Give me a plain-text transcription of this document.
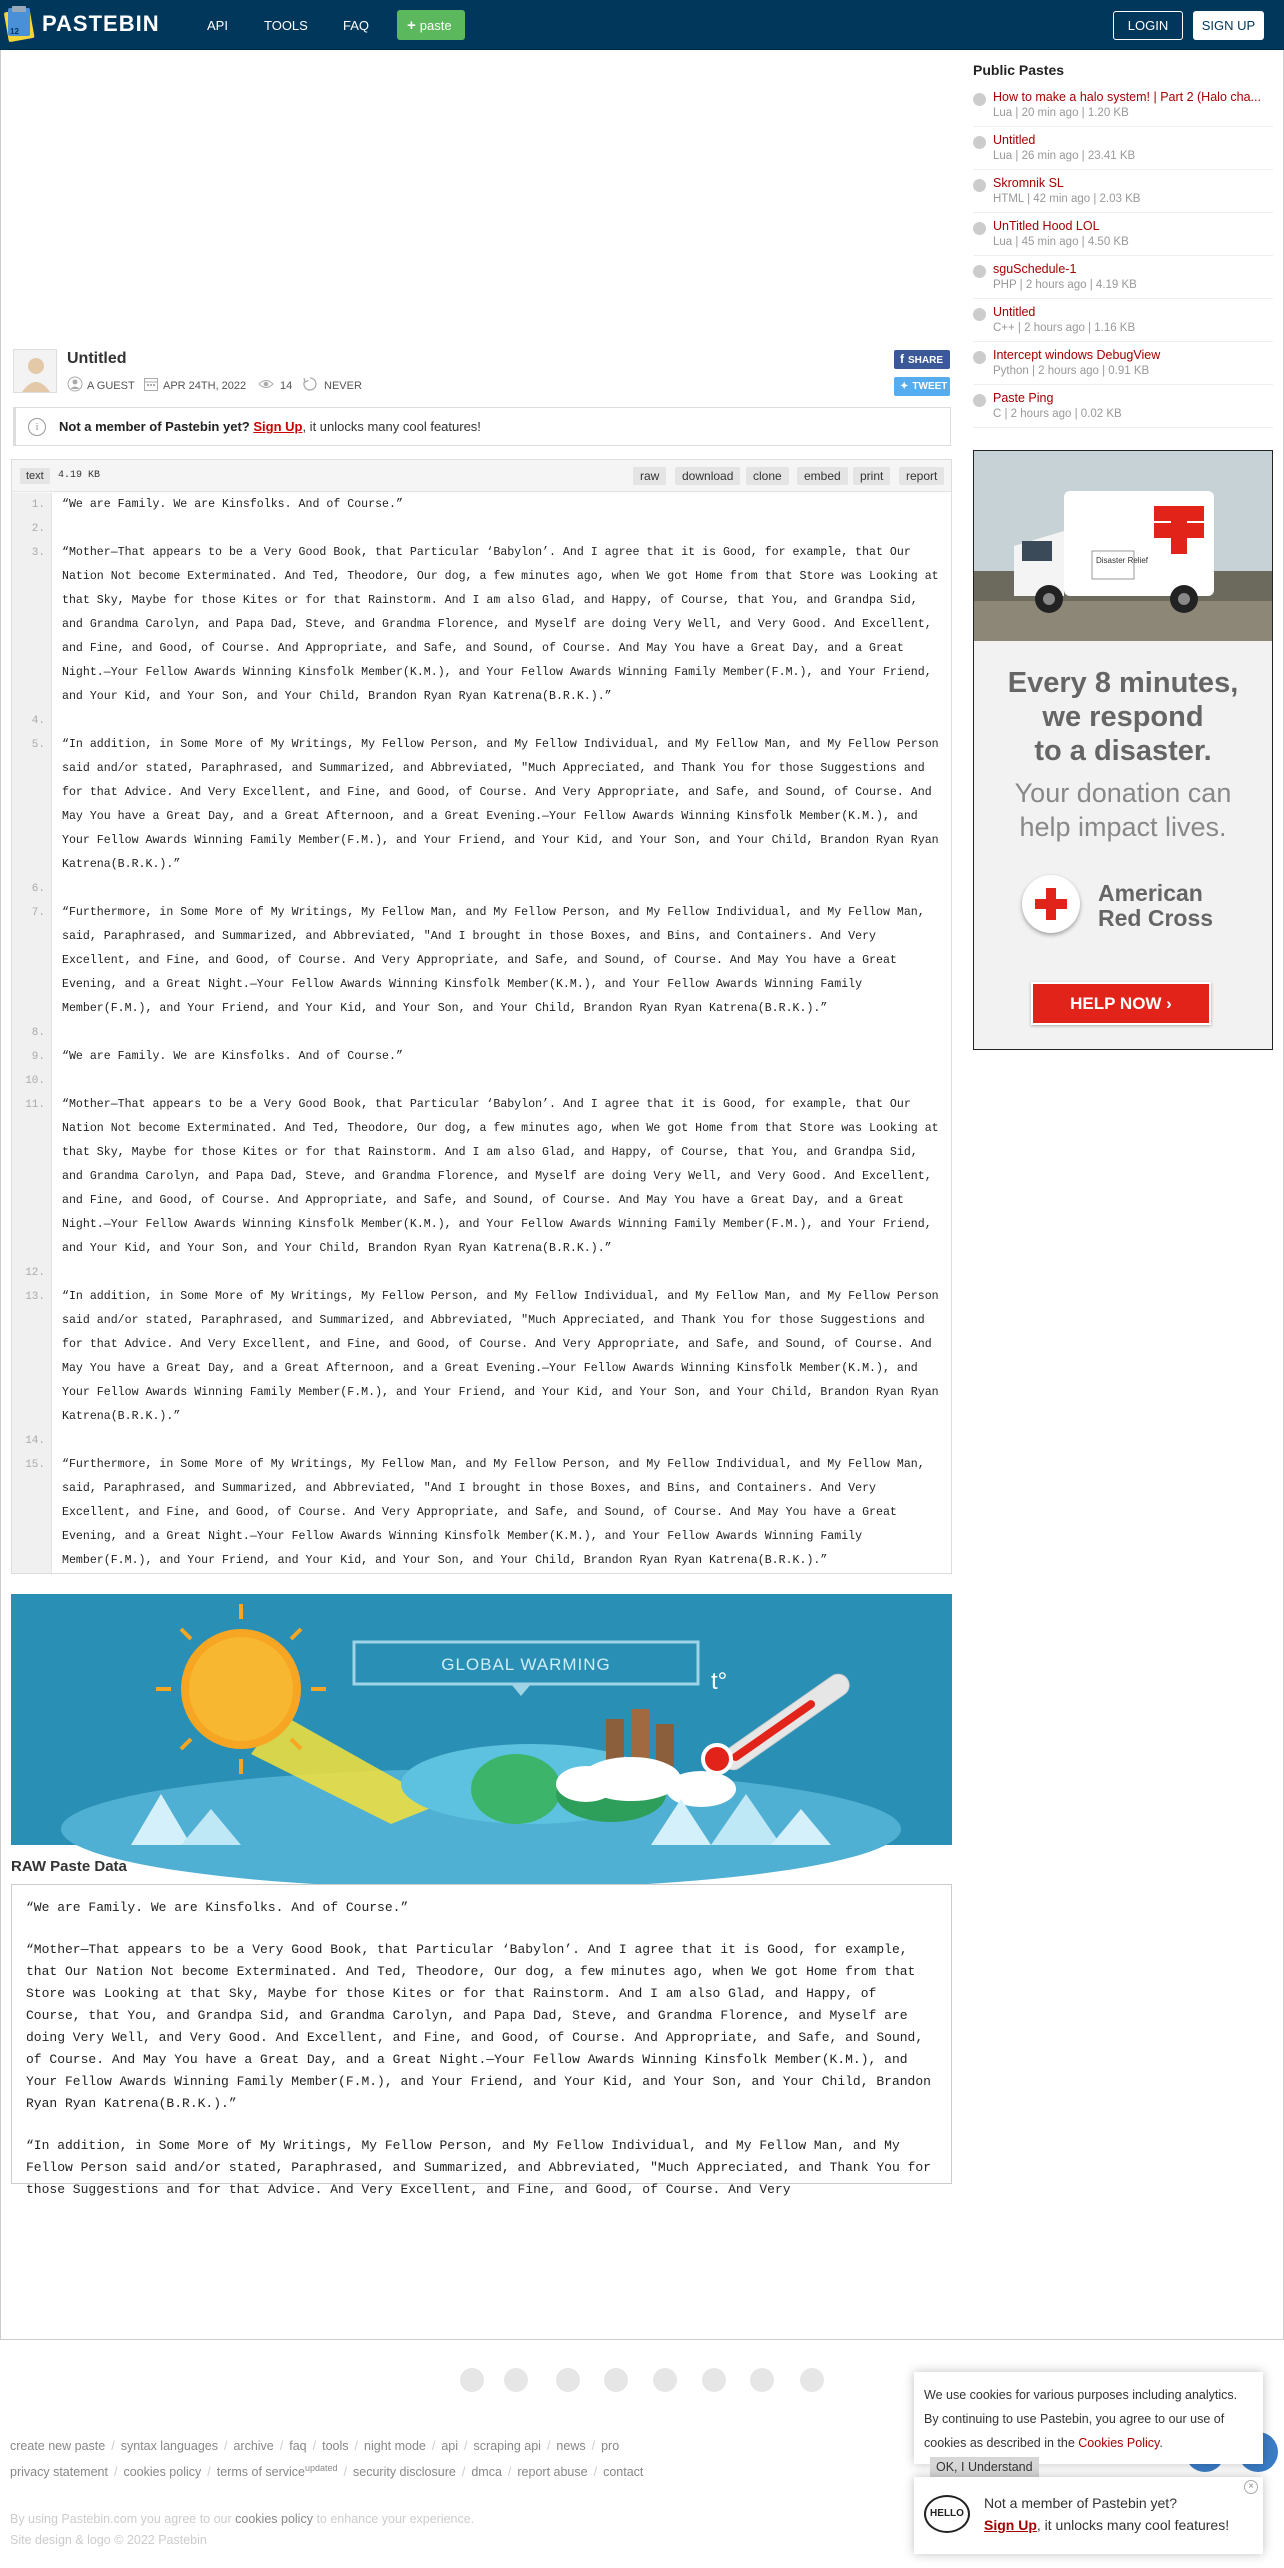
12 PASTEBIN	API	TOOLS	FAQ	+ paste	LOGIN	SIGN UP
Untitled
A GUEST	APR 24TH, 2022	14	NEVER
f SHARE
✦ TWEET
i	Not a member of Pastebin yet? Sign Up, it unlocks many cool features!
text	4.19 KB	raw	download	clone	embed	print	report
1.	“We are Family. We are Kinsfolks. And of Course.”
2.

3.	“Mother—That appears to be a Very Good Book, that Particular ‘Babylon’. And I agree that it is Good, for example, that Our Nation Not become Exterminated. And Ted, Theodore, Our dog, a few minutes ago, when We got Home from that Store was Looking at that Sky, Maybe for those Kites or for that Rainstorm. And I am also Glad, and Happy, of Course, that You, and Grandpa Sid, and Grandma Carolyn, and Papa Dad, Steve, and Grandma Florence, and Myself are doing Very Well, and Very Good. And Excellent, and Fine, and Good, of Course. And Appropriate, and Safe, and Sound, of Course. And May You have a Great Day, and a Great Night.—Your Fellow Awards Winning Kinsfolk Member(K.M.), and Your Fellow Awards Winning Family Member(F.M.), and Your Friend, and Your Kid, and Your Son, and Your Child, Brandon Ryan Ryan Katrena(B.R.K.).”
4.

5.	“In addition, in Some More of My Writings, My Fellow Person, and My Fellow Individual, and My Fellow Man, and My Fellow Person said and/or stated, Paraphrased, and Summarized, and Abbreviated, "Much Appreciated, and Thank You for those Suggestions and for that Advice. And Very Excellent, and Fine, and Good, of Course. And Very Appropriate, and Safe, and Sound, of Course. And May You have a Great Day, and a Great Afternoon, and a Great Evening.—Your Fellow Awards Winning Kinsfolk Member(K.M.), and Your Fellow Awards Winning Family Member(F.M.), and Your Friend, and Your Kid, and Your Son, and Your Child, Brandon Ryan Ryan Katrena(B.R.K.).”
6.

7.	“Furthermore, in Some More of My Writings, My Fellow Man, and My Fellow Person, and My Fellow Individual, and My Fellow Man, said, Paraphrased, and Summarized, and Abbreviated, "And I brought in those Boxes, and Bins, and Containers. And Very Excellent, and Fine, and Good, of Course. And Very Appropriate, and Safe, and Sound, of Course. And May You have a Great Evening, and a Great Night.—Your Fellow Awards Winning Kinsfolk Member(K.M.), and Your Fellow Awards Winning Family Member(F.M.), and Your Friend, and Your Kid, and Your Son, and Your Child, Brandon Ryan Ryan Katrena(B.R.K.).”
8.

9.	“We are Family. We are Kinsfolks. And of Course.”
10.

11.	“Mother—That appears to be a Very Good Book, that Particular ‘Babylon’. And I agree that it is Good, for example, that Our Nation Not become Exterminated. And Ted, Theodore, Our dog, a few minutes ago, when We got Home from that Store was Looking at that Sky, Maybe for those Kites or for that Rainstorm. And I am also Glad, and Happy, of Course, that You, and Grandpa Sid, and Grandma Carolyn, and Papa Dad, Steve, and Grandma Florence, and Myself are doing Very Well, and Very Good. And Excellent, and Fine, and Good, of Course. And Appropriate, and Safe, and Sound, of Course. And May You have a Great Day, and a Great Night.—Your Fellow Awards Winning Kinsfolk Member(K.M.), and Your Fellow Awards Winning Family Member(F.M.), and Your Friend, and Your Kid, and Your Son, and Your Child, Brandon Ryan Ryan Katrena(B.R.K.).”
12.

13.	“In addition, in Some More of My Writings, My Fellow Person, and My Fellow Individual, and My Fellow Man, and My Fellow Person said and/or stated, Paraphrased, and Summarized, and Abbreviated, "Much Appreciated, and Thank You for those Suggestions and for that Advice. And Very Excellent, and Fine, and Good, of Course. And Very Appropriate, and Safe, and Sound, of Course. And May You have a Great Day, and a Great Afternoon, and a Great Evening.—Your Fellow Awards Winning Kinsfolk Member(K.M.), and Your Fellow Awards Winning Family Member(F.M.), and Your Friend, and Your Kid, and Your Son, and Your Child, Brandon Ryan Ryan Katrena(B.R.K.).”
14.

15.	“Furthermore, in Some More of My Writings, My Fellow Man, and My Fellow Person, and My Fellow Individual, and My Fellow Man, said, Paraphrased, and Summarized, and Abbreviated, "And I brought in those Boxes, and Bins, and Containers. And Very Excellent, and Fine, and Good, of Course. And Very Appropriate, and Safe, and Sound, of Course. And May You have a Great Evening, and a Great Night.—Your Fellow Awards Winning Kinsfolk Member(K.M.), and Your Fellow Awards Winning Family Member(F.M.), and Your Friend, and Your Kid, and Your Son, and Your Child, Brandon Ryan Ryan Katrena(B.R.K.).”
GLOBAL WARMING
t°
RAW Paste Data

“We are Family. We are Kinsfolks. And of Course.”

“Mother—That appears to be a Very Good Book, that Particular ‘Babylon’. And I agree that it is Good, for example, that Our Nation Not become Exterminated. And Ted, Theodore, Our dog, a few minutes ago, when We got Home from that Store was Looking at that Sky, Maybe for those Kites or for that Rainstorm. And I am also Glad, and Happy, of Course, that You, and Grandpa Sid, and Grandma Carolyn, and Papa Dad, Steve, and Grandma Florence, and Myself are doing Very Well, and Very Good. And Excellent, and Fine, and Good, of Course. And Appropriate, and Safe, and Sound, of Course. And May You have a Great Day, and a Great Night.—Your Fellow Awards Winning Kinsfolk Member(K.M.), and Your Fellow Awards Winning Family Member(F.M.), and Your Friend, and Your Kid, and Your Son, and Your Child, Brandon Ryan Ryan Katrena(B.R.K.).”

“In addition, in Some More of My Writings, My Fellow Person, and My Fellow Individual, and My Fellow Man, and My Fellow Person said and/or stated, Paraphrased, and Summarized, and Abbreviated, "Much Appreciated, and Thank You for those Suggestions and for that Advice. And Very Excellent, and Fine, and Good, of Course. And Very

Public Pastes
How to make a halo system! | Part 2 (Halo cha...
Lua | 20 min ago | 1.20 KB
Untitled
Lua | 26 min ago | 23.41 KB
Skromnik SL
HTML | 42 min ago | 2.03 KB
UnTitled Hood LOL
Lua | 45 min ago | 4.50 KB
sguSchedule-1
PHP | 2 hours ago | 4.19 KB
Untitled
C++ | 2 hours ago | 1.16 KB
Intercept windows DebugView
Python | 2 hours ago | 0.91 KB
Paste Ping
C | 2 hours ago | 0.02 KB
Disaster Relief
Every 8 minutes,
we respond
to a disaster.
Your donation can
help impact lives.
American
Red Cross
HELP NOW ›
create new paste / syntax languages / archive / faq / tools / night mode / api / scraping api / news / pro
privacy statement / cookies policy / terms of service$^{updated}$ / security disclosure / dmca / report abuse / contact
By using Pastebin.com you agree to our cookies policy to enhance your experience.
Site design & logo © 2022 Pastebin
We use cookies for various purposes including analytics. By continuing to use Pastebin, you agree to our use of cookies as described in the Cookies Policy. OK, I Understand
HELLO
Not a member of Pastebin yet?
Sign Up, it unlocks many cool features!
×
